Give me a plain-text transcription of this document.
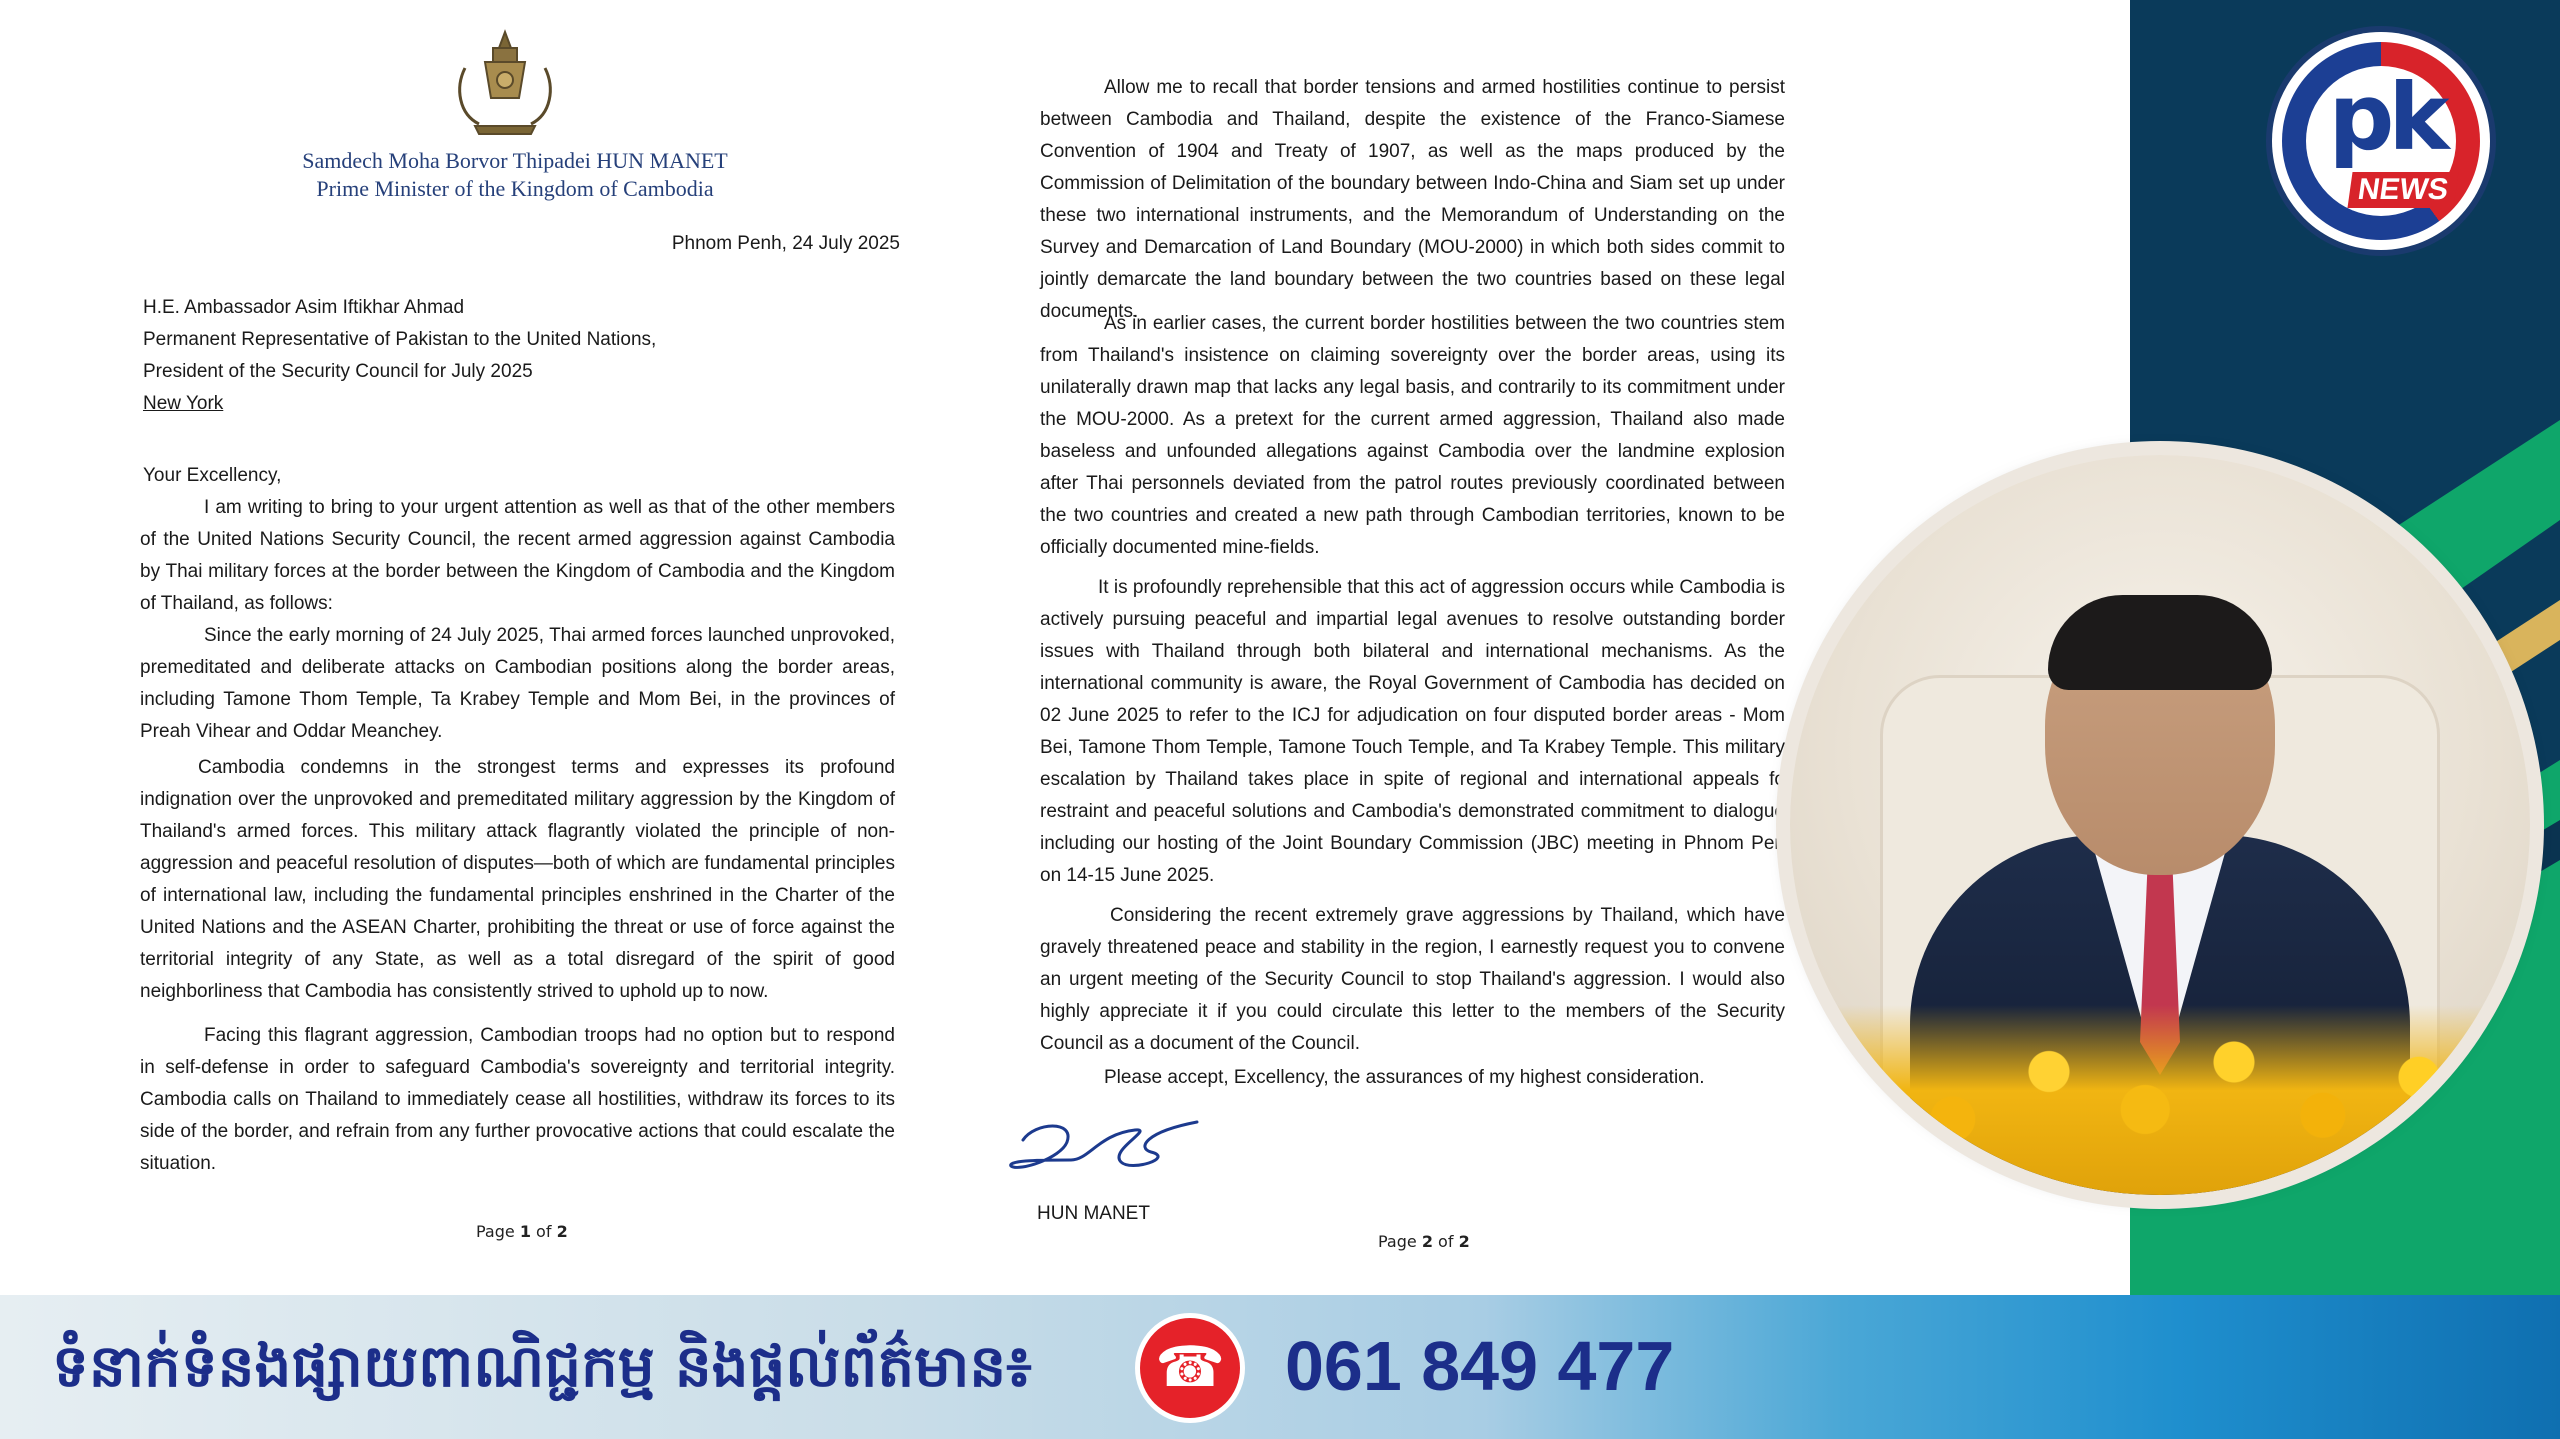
Samdech Moha Borvor Thipadei HUN MANET
Prime Minister of the Kingdom of Cambodia
Phnom Penh, 24 July 2025
H.E. Ambassador Asim Iftikhar Ahmad
Permanent Representative of Pakistan to the United Nations,
President of the Security Council for July 2025
New York
Your Excellency,

I am writing to bring to your urgent attention as well as that of the other members of the United Nations Security Council, the recent armed aggression against Cambodia by Thai military forces at the border between the Kingdom of Cambodia and the Kingdom of Thailand, as follows:

Since the early morning of 24 July 2025, Thai armed forces launched unprovoked, premeditated and deliberate attacks on Cambodian positions along the border areas, including Tamone Thom Temple, Ta Krabey Temple and Mom Bei, in the provinces of Preah Vihear and Oddar Meanchey.

Cambodia condemns in the strongest terms and expresses its profound indignation over the unprovoked and premeditated military aggression by the Kingdom of Thailand's armed forces. This military attack flagrantly violated the principle of non-aggression and peaceful resolution of disputes—both of which are fundamental principles of international law, including the fundamental principles enshrined in the Charter of the United Nations and the ASEAN Charter, prohibiting the threat or use of force against the territorial integrity of any State, as well as a total disregard of the spirit of good neighborliness that Cambodia has consistently strived to uphold up to now.

Facing this flagrant aggression, Cambodian troops had no option but to respond in self-defense in order to safeguard Cambodia's sovereignty and territorial integrity. Cambodia calls on Thailand to immediately cease all hostilities, withdraw its forces to its side of the border, and refrain from any further provocative actions that could escalate the situation.

Page 1 of 2

Allow me to recall that border tensions and armed hostilities continue to persist between Cambodia and Thailand, despite the existence of the Franco-Siamese Convention of 1904 and Treaty of 1907, as well as the maps produced by the Commission of Delimitation of the boundary between Indo-China and Siam set up under these two international instruments, and the Memorandum of Understanding on the Survey and Demarcation of Land Boundary (MOU-2000) in which both sides commit to jointly demarcate the land boundary between the two countries based on these legal documents.

As in earlier cases, the current border hostilities between the two countries stem from Thailand's insistence on claiming sovereignty over the border areas, using its unilaterally drawn map that lacks any legal basis, and contrarily to its commitment under the MOU-2000. As a pretext for the current armed aggression, Thailand also made baseless and unfounded allegations against Cambodia over the landmine explosion after Thai personnels deviated from the patrol routes previously coordinated between the two countries and created a new path through Cambodian territories, known to be officially documented mine-fields.

It is profoundly reprehensible that this act of aggression occurs while Cambodia is actively pursuing peaceful and impartial legal avenues to resolve outstanding border issues with Thailand through both bilateral and international mechanisms. As the international community is aware, the Royal Government of Cambodia has decided on 02 June 2025 to refer to the ICJ for adjudication on four disputed border areas - Mom Bei, Tamone Thom Temple, Tamone Touch Temple, and Ta Krabey Temple. This military escalation by Thailand takes place in spite of regional and international appeals fo restraint and peaceful solutions and Cambodia's demonstrated commitment to dialogue including our hosting of the Joint Boundary Commission (JBC) meeting in Phnom Pen on 14-15 June 2025.

Considering the recent extremely grave aggressions by Thailand, which have gravely threatened peace and stability in the region, I earnestly request you to convene an urgent meeting of the Security Council to stop Thailand's aggression. I would also highly appreciate it if you could circulate this letter to the members of the Security Council as a document of the Council.

Please accept, Excellency, the assurances of my highest consideration.

HUN MANET
Page 2 of 2
pk
NEWS
ទំនាក់ទំនងផ្សាយពាណិជ្ជកម្ម និងផ្តល់ព័ត៌មាន៖ ☎ 061 849 477
